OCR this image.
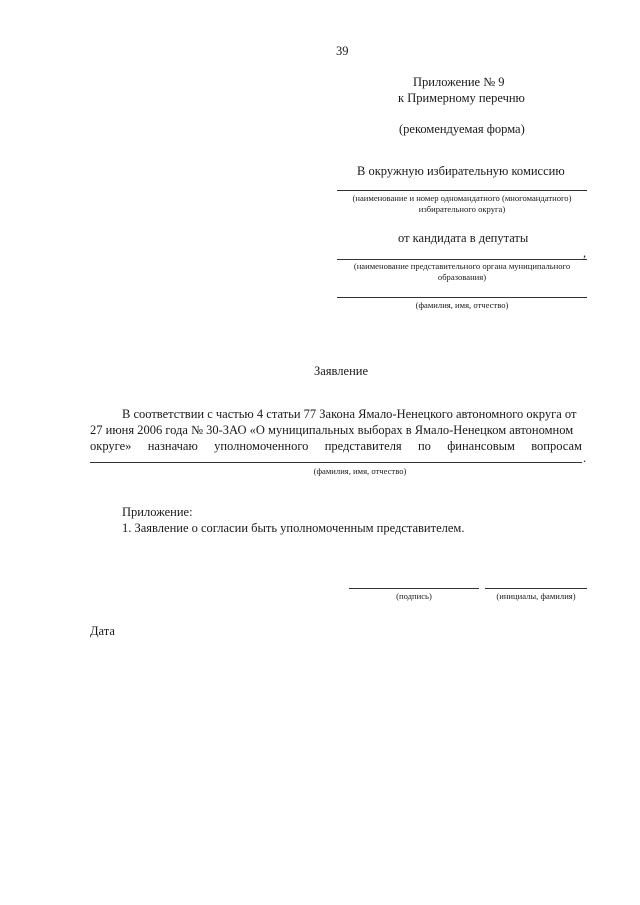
39
Приложение № 9
к Примерному перечню
(рекомендуемая форма)
В окружную избирательную комиссию
(наименование и номер одномандатного (многомандатного)
избирательного округа)
от кандидата в депутаты
,
(наименование представительного органа муниципального
образования)
(фамилия, имя, отчество)
Заявление
В соответствии с частью 4 статьи 77 Закона Ямало-Ненецкого автономного округа от
27 июня 2006 года № 30-ЗАО «О муниципальных выборах в Ямало-Ненецком автономном
округе» назначаю уполномоченного представителя по финансовым вопросам
.
(фамилия, имя, отчество)
Приложение:
1. Заявление о согласии быть уполномоченным представителем.
(подпись)	(инициалы, фамилия)
Дата
